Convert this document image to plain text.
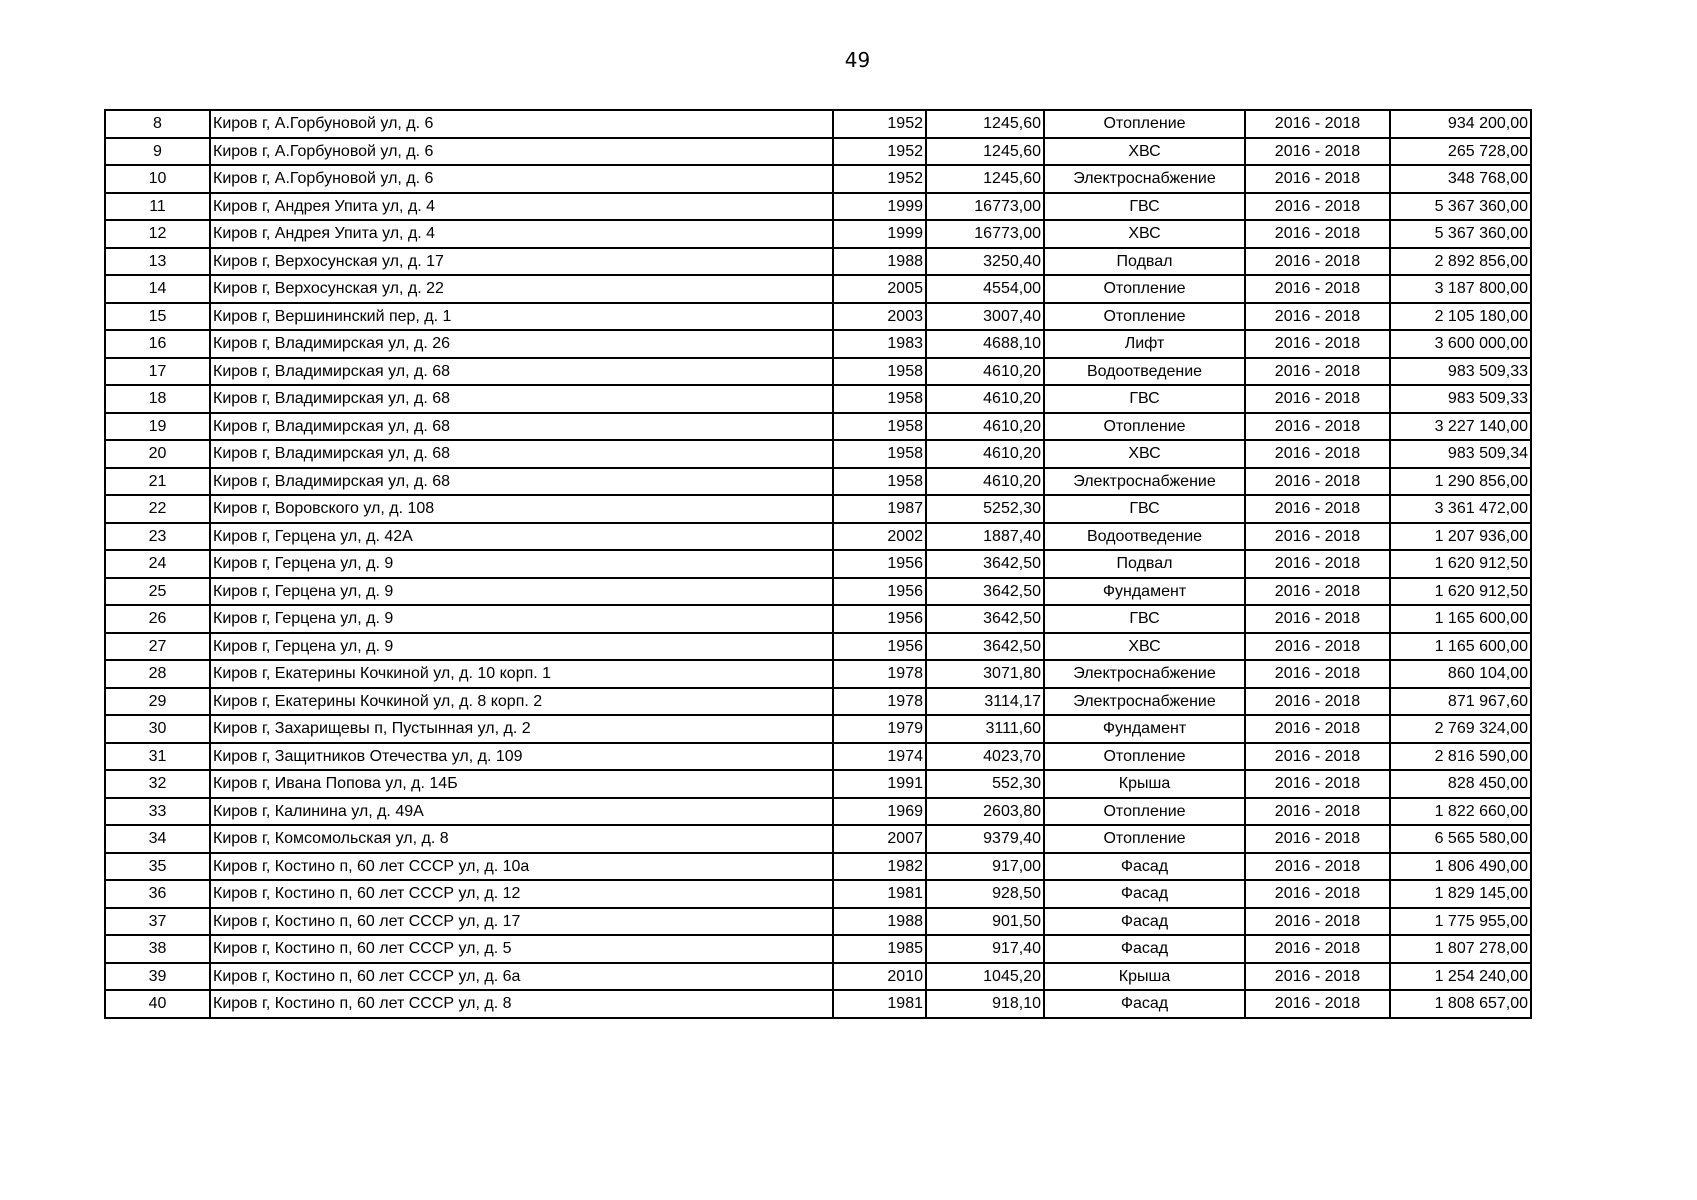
49
8	Киров г, А.Горбуновой ул, д. 6	1952	1245,60	Отопление	2016 - 2018	934 200,00
9	Киров г, А.Горбуновой ул, д. 6	1952	1245,60	ХВС	2016 - 2018	265 728,00
10	Киров г, А.Горбуновой ул, д. 6	1952	1245,60	Электроснабжение	2016 - 2018	348 768,00
11	Киров г, Андрея Упита ул, д. 4	1999	16773,00	ГВС	2016 - 2018	5 367 360,00
12	Киров г, Андрея Упита ул, д. 4	1999	16773,00	ХВС	2016 - 2018	5 367 360,00
13	Киров г, Верхосунская ул, д. 17	1988	3250,40	Подвал	2016 - 2018	2 892 856,00
14	Киров г, Верхосунская ул, д. 22	2005	4554,00	Отопление	2016 - 2018	3 187 800,00
15	Киров г, Вершининский пер, д. 1	2003	3007,40	Отопление	2016 - 2018	2 105 180,00
16	Киров г, Владимирская ул, д. 26	1983	4688,10	Лифт	2016 - 2018	3 600 000,00
17	Киров г, Владимирская ул, д. 68	1958	4610,20	Водоотведение	2016 - 2018	983 509,33
18	Киров г, Владимирская ул, д. 68	1958	4610,20	ГВС	2016 - 2018	983 509,33
19	Киров г, Владимирская ул, д. 68	1958	4610,20	Отопление	2016 - 2018	3 227 140,00
20	Киров г, Владимирская ул, д. 68	1958	4610,20	ХВС	2016 - 2018	983 509,34
21	Киров г, Владимирская ул, д. 68	1958	4610,20	Электроснабжение	2016 - 2018	1 290 856,00
22	Киров г, Воровского ул, д. 108	1987	5252,30	ГВС	2016 - 2018	3 361 472,00
23	Киров г, Герцена ул, д. 42А	2002	1887,40	Водоотведение	2016 - 2018	1 207 936,00
24	Киров г, Герцена ул, д. 9	1956	3642,50	Подвал	2016 - 2018	1 620 912,50
25	Киров г, Герцена ул, д. 9	1956	3642,50	Фундамент	2016 - 2018	1 620 912,50
26	Киров г, Герцена ул, д. 9	1956	3642,50	ГВС	2016 - 2018	1 165 600,00
27	Киров г, Герцена ул, д. 9	1956	3642,50	ХВС	2016 - 2018	1 165 600,00
28	Киров г, Екатерины Кочкиной ул, д. 10 корп. 1	1978	3071,80	Электроснабжение	2016 - 2018	860 104,00
29	Киров г, Екатерины Кочкиной ул, д. 8 корп. 2	1978	3114,17	Электроснабжение	2016 - 2018	871 967,60
30	Киров г, Захарищевы п, Пустынная ул, д. 2	1979	3111,60	Фундамент	2016 - 2018	2 769 324,00
31	Киров г, Защитников Отечества ул, д. 109	1974	4023,70	Отопление	2016 - 2018	2 816 590,00
32	Киров г, Ивана Попова ул, д. 14Б	1991	552,30	Крыша	2016 - 2018	828 450,00
33	Киров г, Калинина ул, д. 49А	1969	2603,80	Отопление	2016 - 2018	1 822 660,00
34	Киров г, Комсомольская ул, д. 8	2007	9379,40	Отопление	2016 - 2018	6 565 580,00
35	Киров г, Костино п, 60 лет СССР ул, д. 10а	1982	917,00	Фасад	2016 - 2018	1 806 490,00
36	Киров г, Костино п, 60 лет СССР ул, д. 12	1981	928,50	Фасад	2016 - 2018	1 829 145,00
37	Киров г, Костино п, 60 лет СССР ул, д. 17	1988	901,50	Фасад	2016 - 2018	1 775 955,00
38	Киров г, Костино п, 60 лет СССР ул, д. 5	1985	917,40	Фасад	2016 - 2018	1 807 278,00
39	Киров г, Костино п, 60 лет СССР ул, д. 6а	2010	1045,20	Крыша	2016 - 2018	1 254 240,00
40	Киров г, Костино п, 60 лет СССР ул, д. 8	1981	918,10	Фасад	2016 - 2018	1 808 657,00
